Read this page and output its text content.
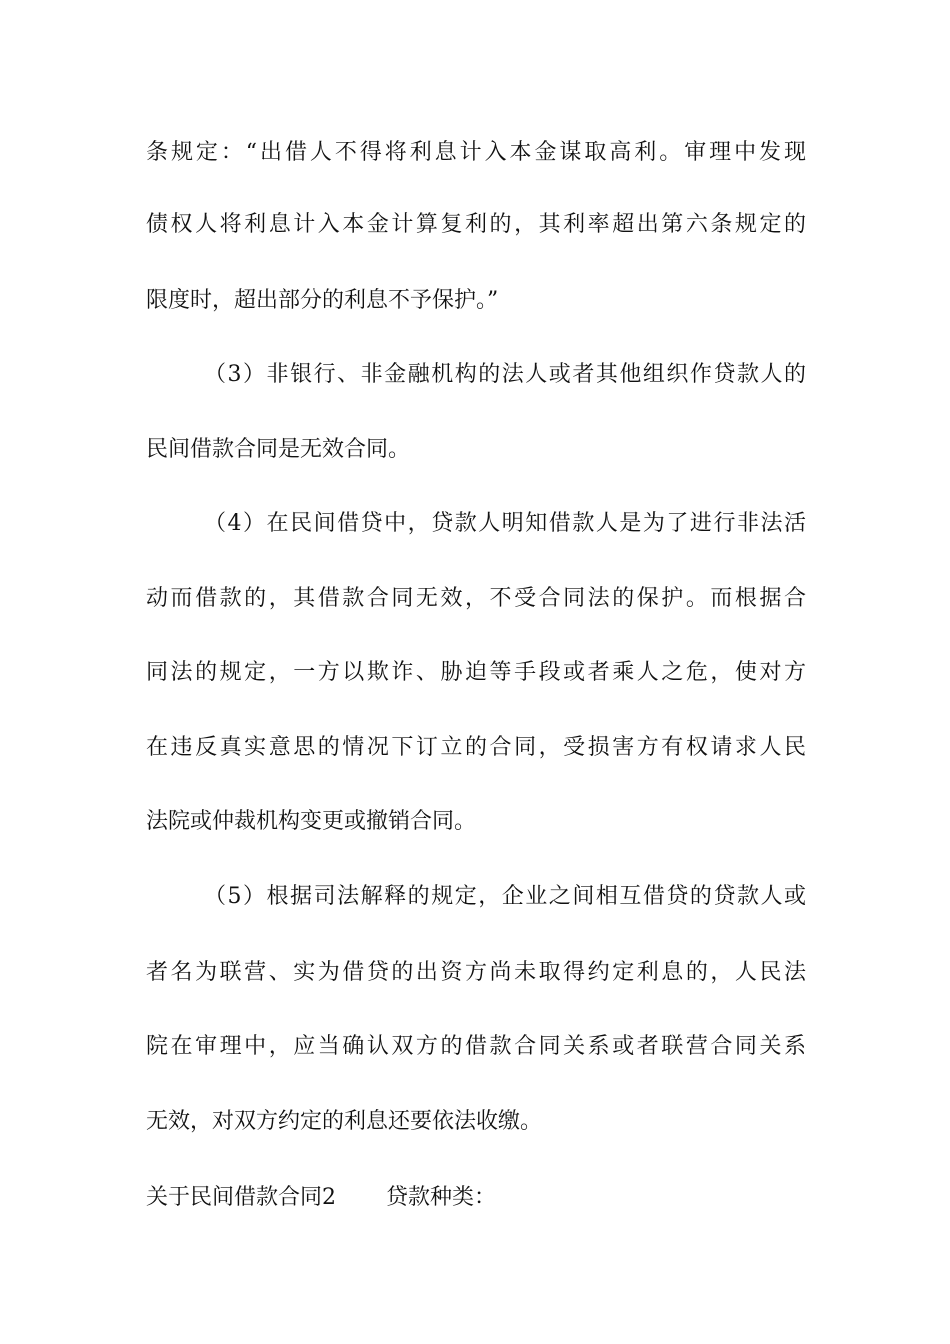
条规定：“出借人不得将利息计入本金谋取高利。审理中发现
债权人将利息计入本金计算复利的，其利率超出第六条规定的
限度时，超出部分的利息不予保护。”
（3）非银行、非金融机构的法人或者其他组织作贷款人的
民间借款合同是无效合同。
（4）在民间借贷中，贷款人明知借款人是为了进行非法活
动而借款的，其借款合同无效，不受合同法的保护。而根据合
同法的规定，一方以欺诈、胁迫等手段或者乘人之危，使对方
在违反真实意思的情况下订立的合同，受损害方有权请求人民
法院或仲裁机构变更或撤销合同。
（5）根据司法解释的规定，企业之间相互借贷的贷款人或
者名为联营、实为借贷的出资方尚未取得约定利息的，人民法
院在审理中，应当确认双方的借款合同关系或者联营合同关系
无效，对双方约定的利息还要依法收缴。
关于民间借款合同2 贷款种类：
